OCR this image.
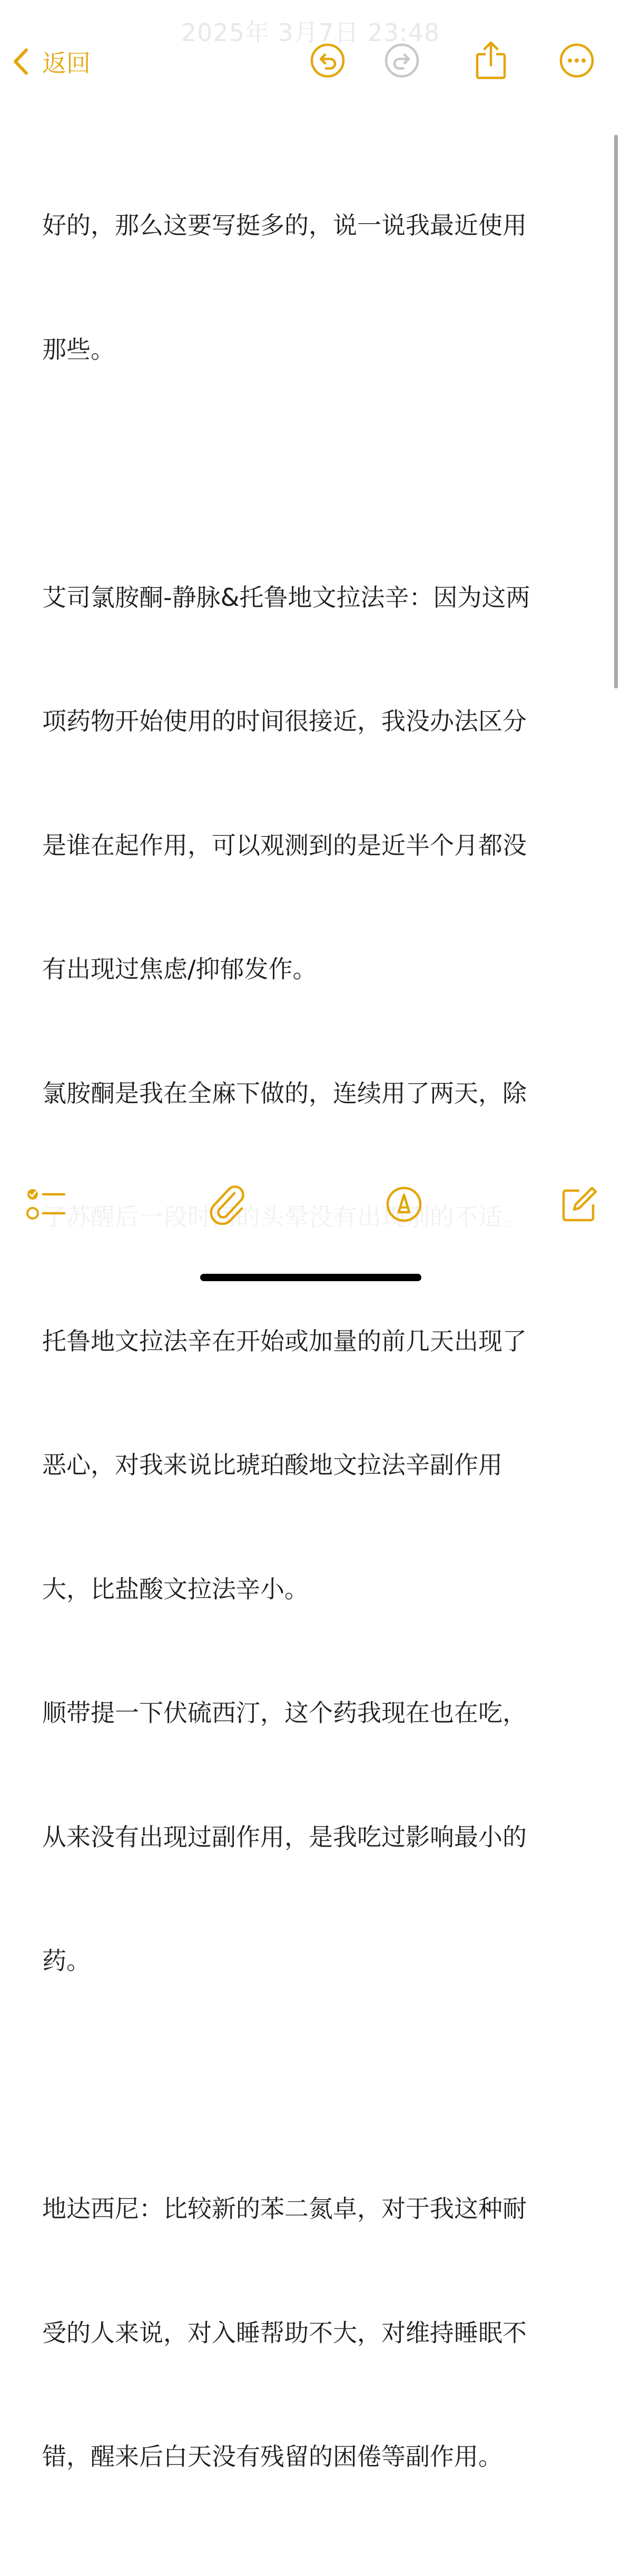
2025年 3月7日 23:48
返回

好的，那么这要写挺多的，说一说我最近使用

那些。

艾司氯胺酮-静脉&托鲁地文拉法辛：因为这两

项药物开始使用的时间很接近，我没办法区分

是谁在起作用，可以观测到的是近半个月都没

有出现过焦虑/抑郁发作。

氯胺酮是我在全麻下做的，连续用了两天，除

托鲁地文拉法辛在开始或加量的前几天出现了

恶心，对我来说比琥珀酸地文拉法辛副作用

大，比盐酸文拉法辛小。

顺带提一下伏硫西汀，这个药我现在也在吃，

从来没有出现过副作用，是我吃过影响最小的

药。

地达西尼：比较新的苯二氮卓，对于我这种耐

受的人来说，对入睡帮助不大，对维持睡眠不

错，醒来后白天没有残留的困倦等副作用。
